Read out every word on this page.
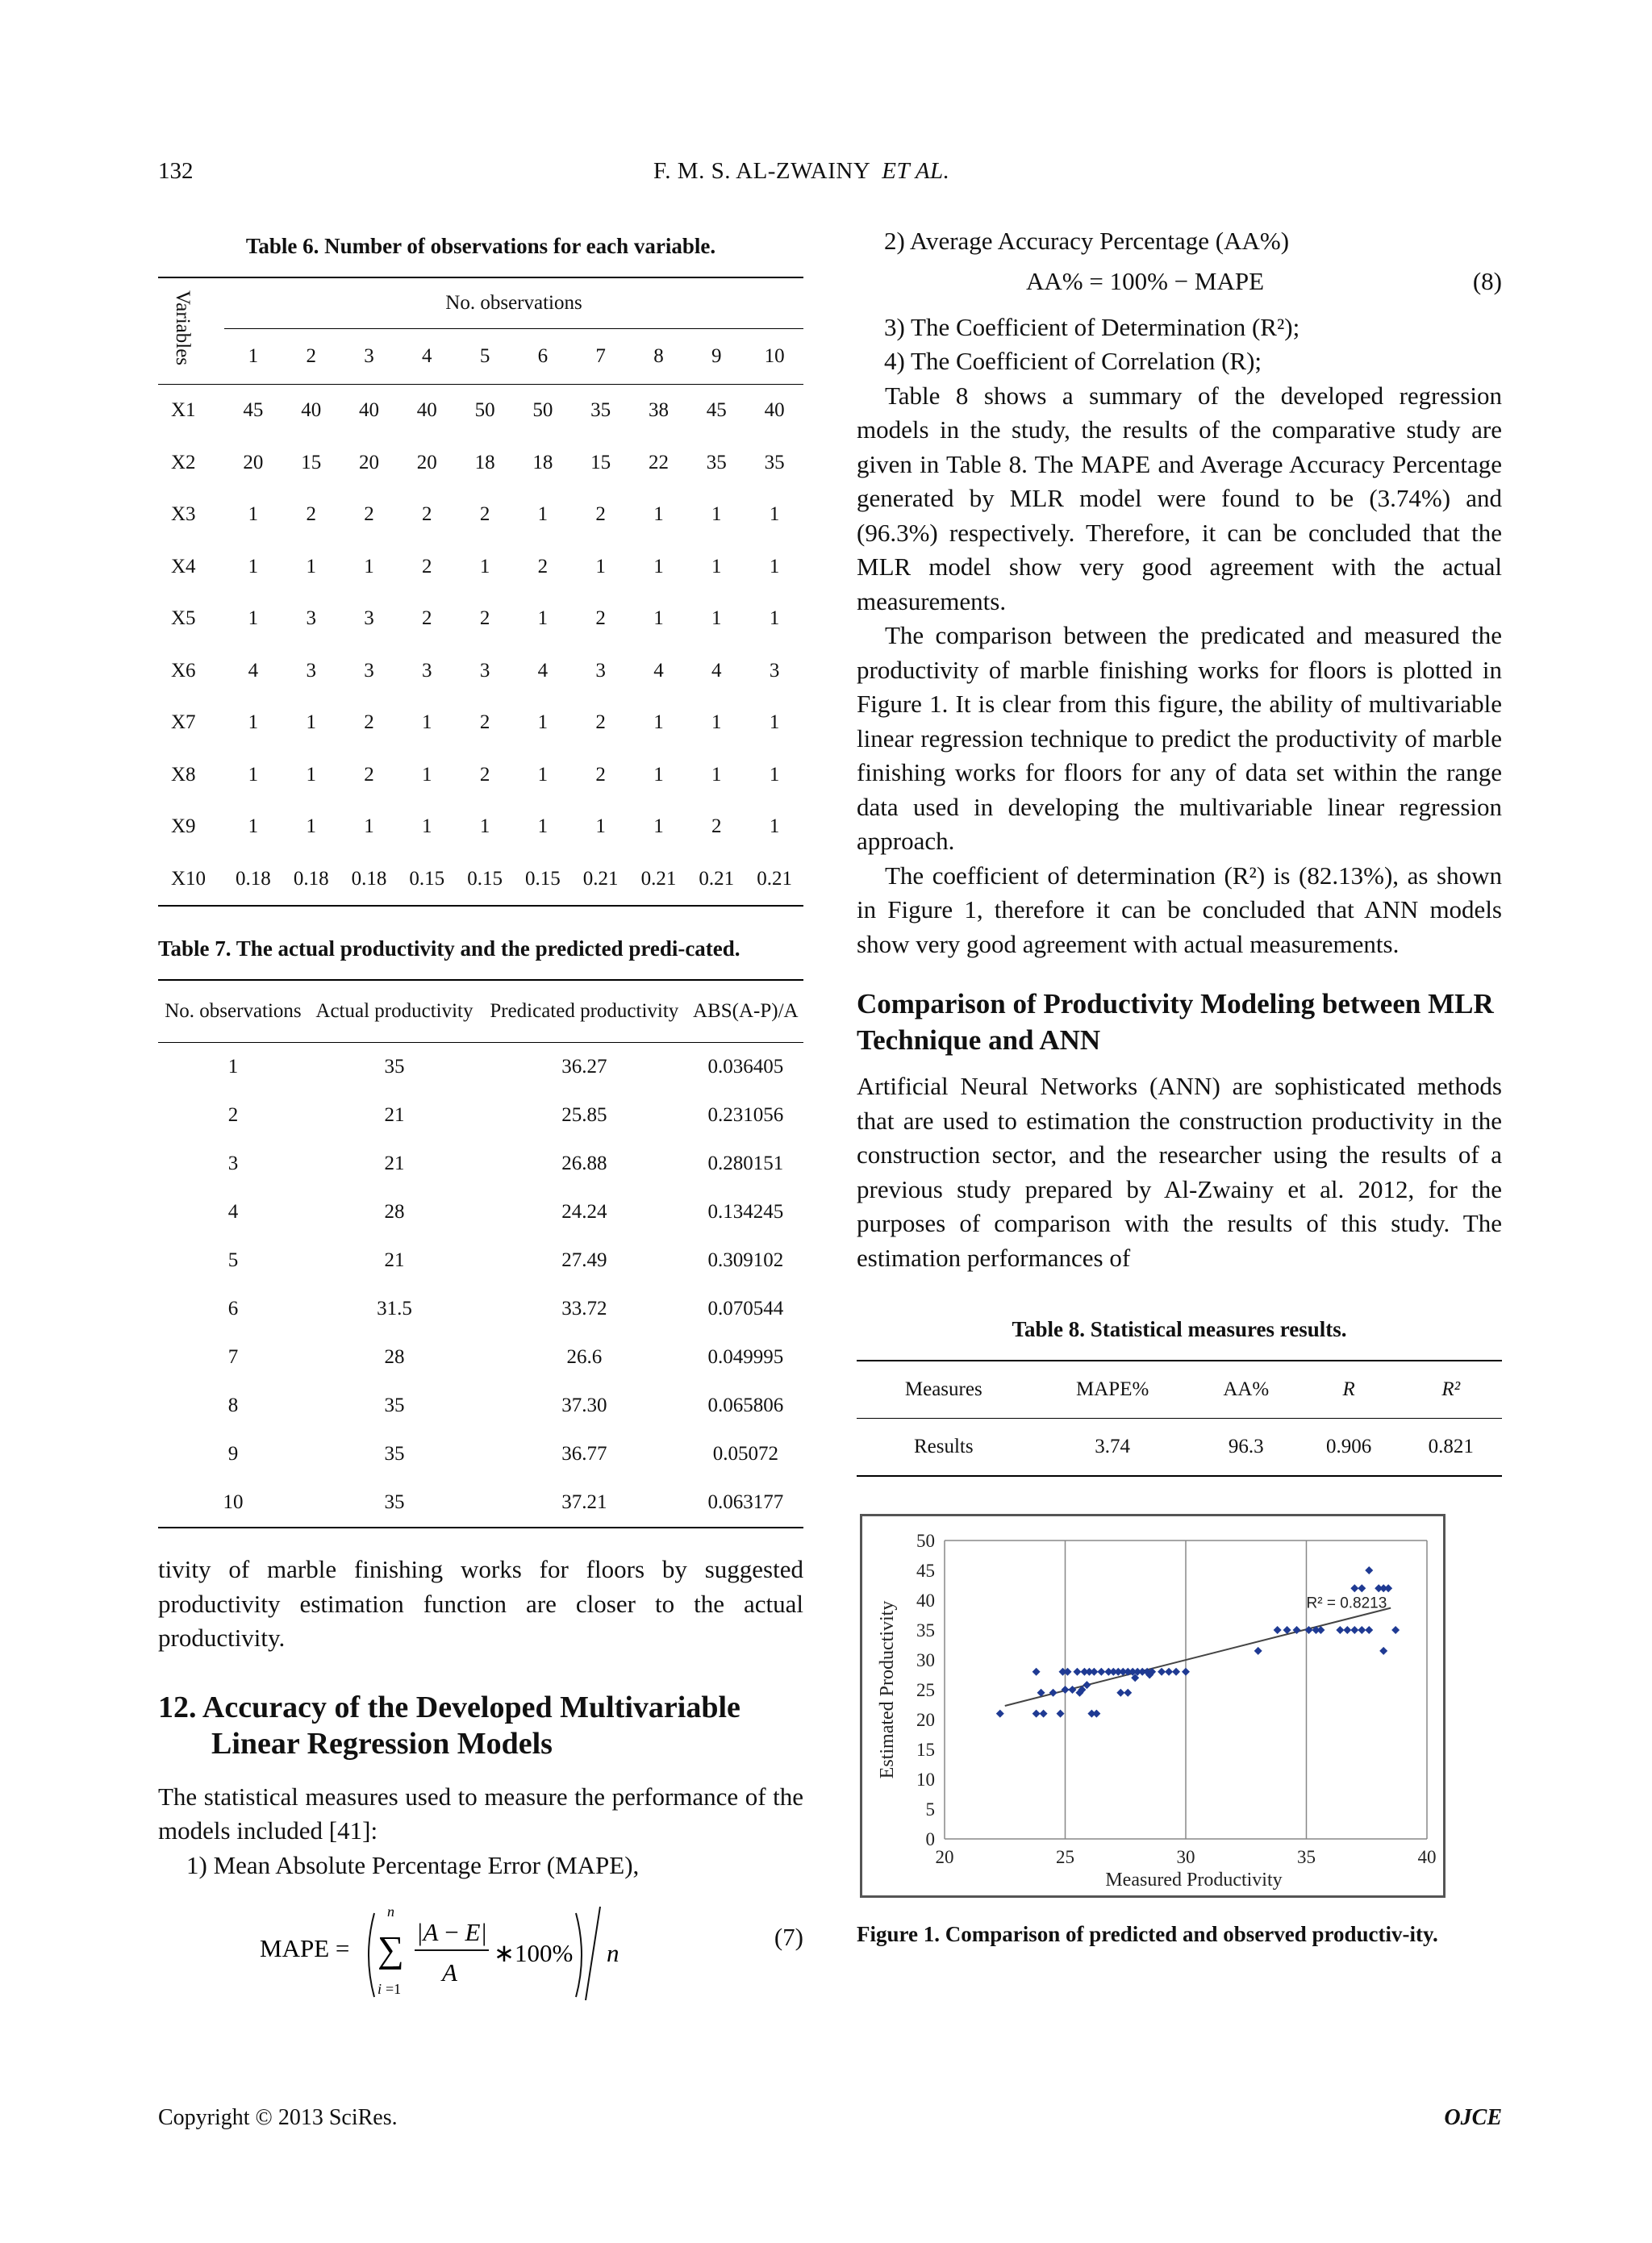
132	F. M. S. AL-ZWAINY ET AL.
Table 6. Number of observations for each variable.
Variables	No. observations									
	1	2	3	4	5	6	7	8	9	10
X1	45	40	40	40	50	50	35	38	45	40
X2	20	15	20	20	18	18	15	22	35	35
X3	1	2	2	2	2	1	2	1	1	1
X4	1	1	1	2	1	2	1	1	1	1
X5	1	3	3	2	2	1	2	1	1	1
X6	4	3	3	3	3	4	3	4	4	3
X7	1	1	2	1	2	1	2	1	1	1
X8	1	1	2	1	2	1	2	1	1	1
X9	1	1	1	1	1	1	1	1	2	1
X10	0.18	0.18	0.18	0.15	0.15	0.15	0.21	0.21	0.21	0.21
Table 7. The actual productivity and the predicted predi-cated.
No. observations	Actual productivity	Predicated productivity	ABS(A-P)/A
1	35	36.27	0.036405
2	21	25.85	0.231056
3	21	26.88	0.280151
4	28	24.24	0.134245
5	21	27.49	0.309102
6	31.5	33.72	0.070544
7	28	26.6	0.049995
8	35	37.30	0.065806
9	35	36.77	0.05072
10	35	37.21	0.063177

tivity of marble finishing works for floors by suggested productivity estimation function are closer to the actual productivity.

12. Accuracy of the Developed Multivariable Linear Regression Models

The statistical measures used to measure the performance of the models included [41]:

1) Mean Absolute Percentage Error (MAPE),
MAPE =
n
∑
i =1
|A − E|
A
∗100% n
(7)
2) Average Accuracy Percentage (AA%)
AA% = 100% − MAPE	(8)
3) The Coefficient of Determination (R²);
4) The Coefficient of Correlation (R);

Table 8 shows a summary of the developed regression models in the study, the results of the comparative study are given in Table 8. The MAPE and Average Accuracy Percentage generated by MLR model were found to be (3.74%) and (96.3%) respectively. Therefore, it can be concluded that the MLR model show very good agreement with the actual measurements.

The comparison between the predicated and measured the productivity of marble finishing works for floors is plotted in Figure 1. It is clear from this figure, the ability of multivariable linear regression technique to predict the productivity of marble finishing works for floors for any of data set within the range data used in developing the multivariable linear regression approach.

The coefficient of determination (R²) is (82.13%), as shown in Figure 1, therefore it can be concluded that ANN models show very good agreement with actual measurements.

Comparison of Productivity Modeling between MLR Technique and ANN

Artificial Neural Networks (ANN) are sophisticated methods that are used to estimation the construction productivity in the construction sector, and the researcher using the results of a previous study prepared by Al-Zwainy et al. 2012, for the purposes of comparison with the results of this study. The estimation performances of

Table 8. Statistical measures results.
Measures	MAPE%	AA%	R	R²
Results	3.74	96.3	0.906	0.821
0
5
10
15
20
25
30
35
40
45
50
20	25	30	35	40
Measured Productivity
Estimated Productivity	R² = 0.8213
Figure 1. Comparison of predicted and observed productiv-ity.
Copyright © 2013 SciRes.	OJCE
